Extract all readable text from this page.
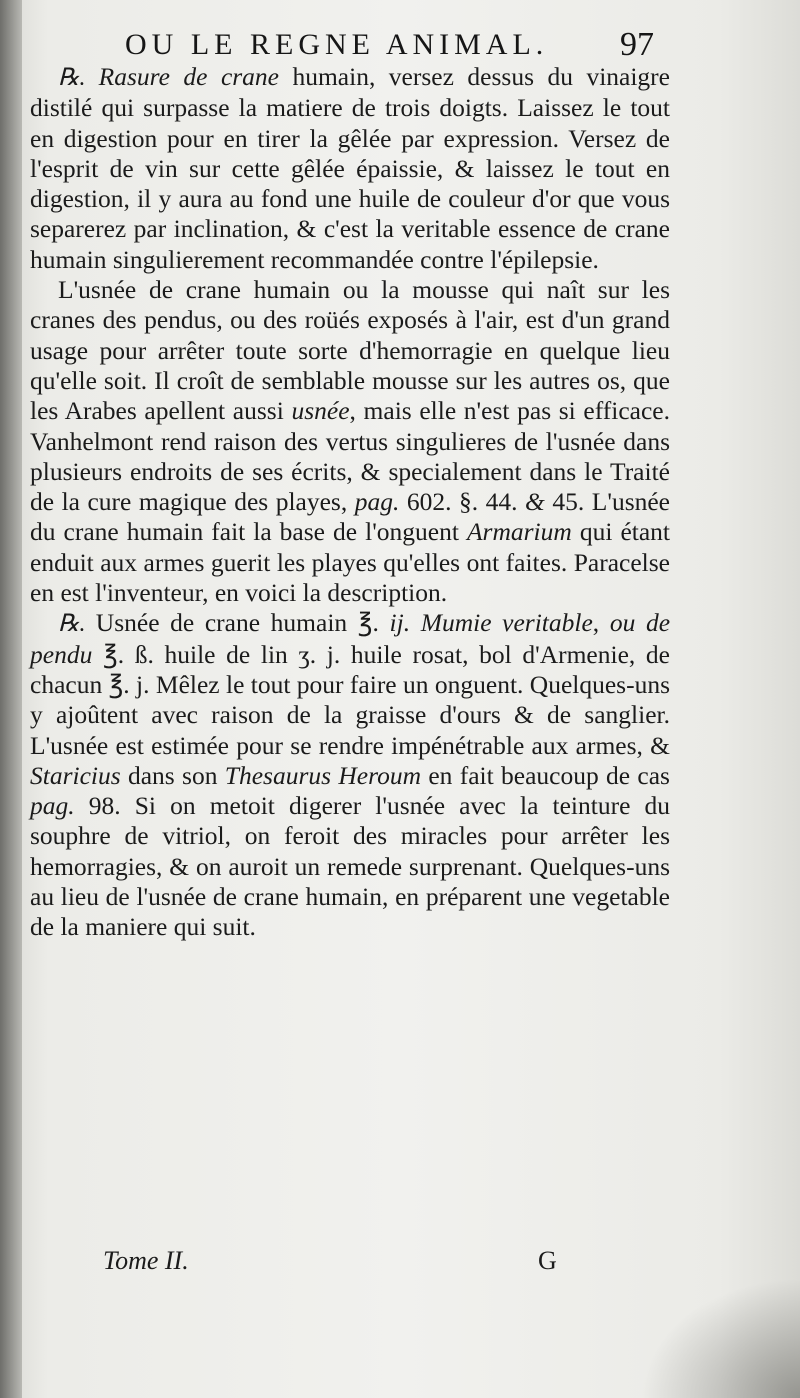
OU LE REGNE ANIMAL. 97

℞. Rasure de crane humain, versez dessus du vinaigre distilé qui surpasse la matiere de trois doigts. Laissez le tout en digestion pour en tirer la gêlée par expression. Versez de l'esprit de vin sur cette gêlée épaissie, & laissez le tout en digestion, il y aura au fond une huile de couleur d'or que vous separerez par inclination, & c'est la veritable essence de crane humain singulierement recommandée contre l'épilepsie.

L'usnée de crane humain ou la mousse qui naît sur les cranes des pendus, ou des roüés exposés à l'air, est d'un grand usage pour arrêter toute sorte d'hemorragie en quelque lieu qu'elle soit. Il croît de semblable mousse sur les autres os, que les Arabes apellent aussi usnée, mais elle n'est pas si efficace. Vanhelmont rend raison des vertus singulieres de l'usnée dans plusieurs endroits de ses écrits, & specialement dans le Traité de la cure magique des playes, pag. 602. §. 44. & 45. L'usnée du crane humain fait la base de l'onguent Armarium qui étant enduit aux armes guerit les playes qu'elles ont faites. Paracelse en est l'inventeur, en voici la description.

℞. Usnée de crane humain ℥. ij. Mumie veritable, ou de pendu ℥. ß. huile de lin ʒ. j. huile rosat, bol d'Armenie, de chacun ℥. j. Mêlez le tout pour faire un onguent. Quelques-uns y ajoûtent avec raison de la graisse d'ours & de sanglier. L'usnée est estimée pour se rendre impénétrable aux armes, & Staricius dans son Thesaurus Heroum en fait beaucoup de cas pag. 98. Si on metoit digerer l'usnée avec la teinture du souphre de vitriol, on feroit des miracles pour arrêter les hemorragies, & on auroit un remede surprenant. Quelques-uns au lieu de l'usnée de crane humain, en préparent une vegetable de la maniere qui suit.

Tome II.	G
